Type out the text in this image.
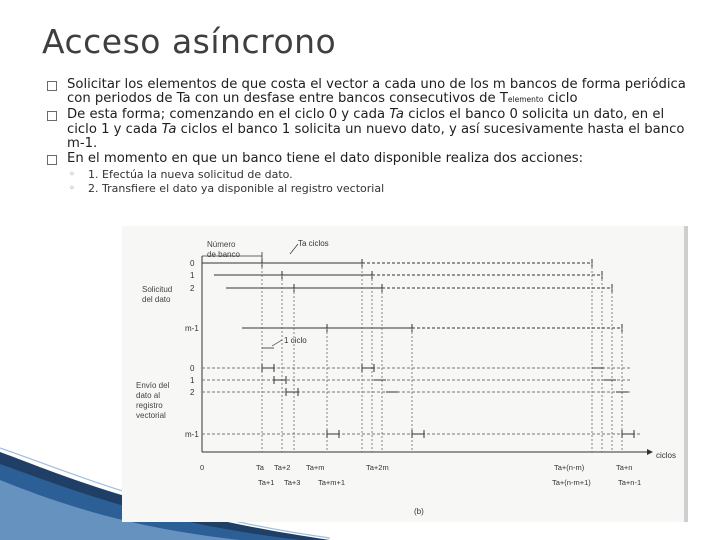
Acceso asíncrono
Solicitar los elementos de que costa el vector a cada uno de los m bancos de forma periódica con periodos de Ta con un desfase entre bancos consecutivos de Telemento ciclo
De esta forma; comenzando en el ciclo 0 y cada Ta ciclos el banco 0 solicita un dato, en el ciclo 1 y cada Ta ciclos el banco 1 solicita un nuevo dato, y así sucesivamente hasta el banco m-1.
En el momento en que un banco tiene el dato disponible realiza dos acciones:
◦ 1. Efectúa la nueva solicitud de dato.
◦ 2. Transfiere el dato ya disponible al registro vectorial
Número
de banco
Solicitud
del dato
Envío del
dato al
registro
vectorial
0
1
2
m-1
0
1
2
m-1
ciclos
Ta ciclos
1 ciclo
0	Ta Ta+2 Ta+m	Ta+2m	Ta+(n-m)	Ta+n
Ta+1 Ta+3 Ta+m+1	Ta+(n-m+1)	Ta+n-1
(b)
